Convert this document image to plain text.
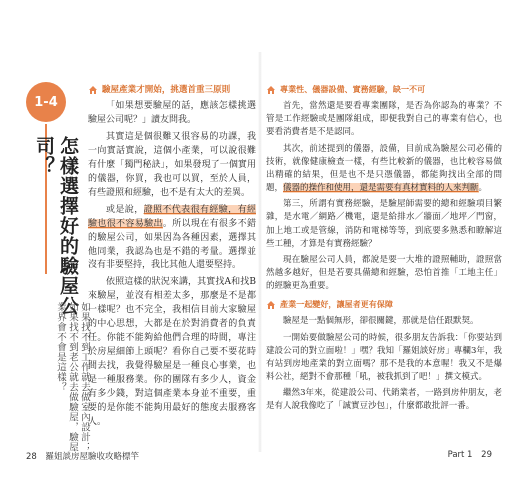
1-4
怎樣選擇好的驗屋公司？
如果找不到工作就去做室內設計；如果找不到老公就去做驗屋，驗屋業界會不會是這樣？
驗屋產業才開始，挑選首重三原則

「如果想要驗屋的話，應該怎樣挑選驗屋公司呢？」讀友問我。

其實這是個很難又很容易的功課，我一向實話實說，這個小產業，可以說很難有什麼「獨門秘訣」，如果發現了一個實用的儀器，你買，我也可以買，至於人員，有些證照和經驗，也不是有太大的差異。

或是說，證照不代表很有經驗，有經驗也很不容易驗出。所以現在有很多不錯的驗屋公司，如果因為各種因素，選擇其他同業，我認為也是不錯的考量。選擇並沒有非要堅持，我比其他人還要堅持。

依照這樣的狀況來講，其實找A和找B來驗屋，並沒有相差太多，那麼是不是都一樣呢？也不完全，我相信目前大家驗屋的中心思想，大都是在於對消費者的負責任。你能不能夠給他們合理的時間，專注於房屋細節上頭呢？看你自己要不要花時間去找，我覺得驗屋是一種良心事業，也是一種服務業。你的團隊有多少人，資金有多少錢，對這個產業本身並不重要，重要的是你能不能夠用最好的態度去服務客人。

28 羅姐談房屋驗收攻略標竿
專業性、儀器設備、實務經驗，缺一不可

首先，當然還是要看專業團隊，是否為你認為的專業？不管是工作經驗或是團隊組成，即便我對自己的專業有信心，也要看消費者是不是認同。

其次，前述提到的儀器，設備，目前成為驗屋公司必備的技術，就像健康檢查一樣，有些比較新的儀器，也比較容易做出精確的結果，但是也不是只憑儀器，都能夠找出全部的問題，儀器的操作和使用，還是需要有真材實料的人來判斷。

第三，所謂有實務經驗，是驗屋師需要的總和經驗項目繁雜，是水電／網路／機電，還是給排水／牆面／地坪／門窗，加上地工或是管線，消防和電梯等等，到底要多熟悉和瞭解這些工種，才算是有實務經驗？

現在驗屋公司人員，都說是要一大堆的證照輔助，證照當然越多越好，但是若要具備總和經驗，恐怕首推「工地主任」的經驗更為重要。

產業一起變好，讓屋者更有保障

驗屋是一點個無形，卻很關鍵，那就是信任跟默契。

一開始要做驗屋公司的時候，很多朋友告訴我：「你要站到建設公司的對立面啦！」嘿？我知「羅姐談好房」專欄3年，我有站到房地產業的對立面嗎？那不是我的本意喔！我又不是爆料公社，絕對不會那種「吼，被我抓到了吧！」撰文模式。

繼然3年來，從建設公司、代銷業者，一路到房仲朋友，老是有人說我像吃了「誠實豆沙包」，什麼都敢批評一番。

Part 1 29
